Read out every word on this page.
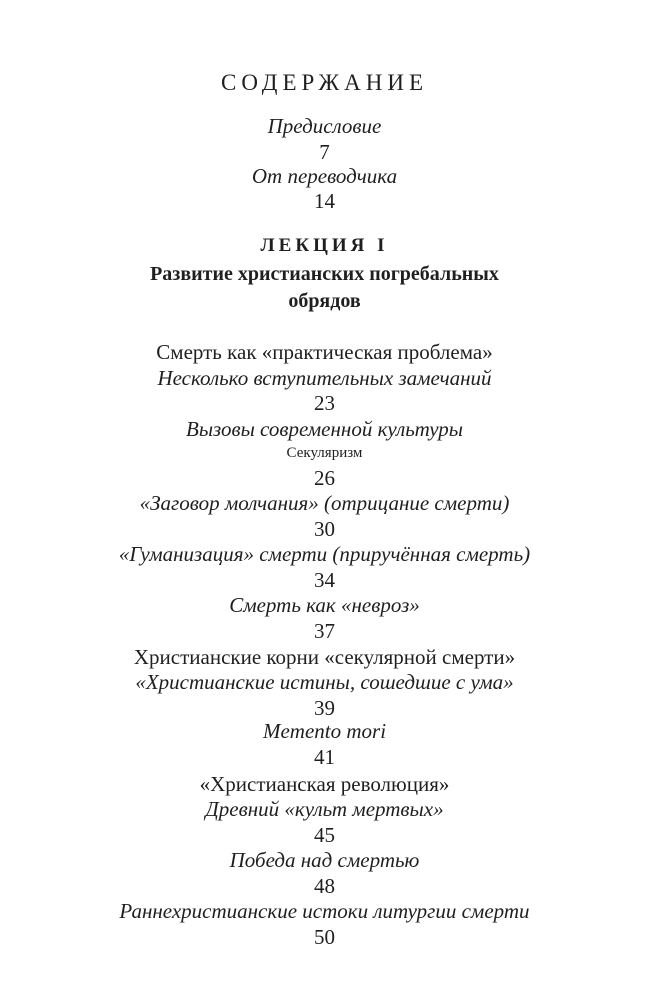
СОДЕРЖАНИЕ
Предисловие
7
От переводчика
14
ЛЕКЦИЯ I
Развитие христианских погребальных
обрядов
Смерть как «практическая проблема»
Несколько вступительных замечаний
23
Вызовы современной культуры
Секуляризм
26
«Заговор молчания» (отрицание смерти)
30
«Гуманизация» смерти (приручённая смерть)
34
Смерть как «невроз»
37
Христианские корни «секулярной смерти»
«Христианские истины, сошедшие с ума»
39
Memento mori
41
«Христианская революция»
Древний «культ мертвых»
45
Победа над смертью
48
Раннехристианские истоки литургии смерти
50
